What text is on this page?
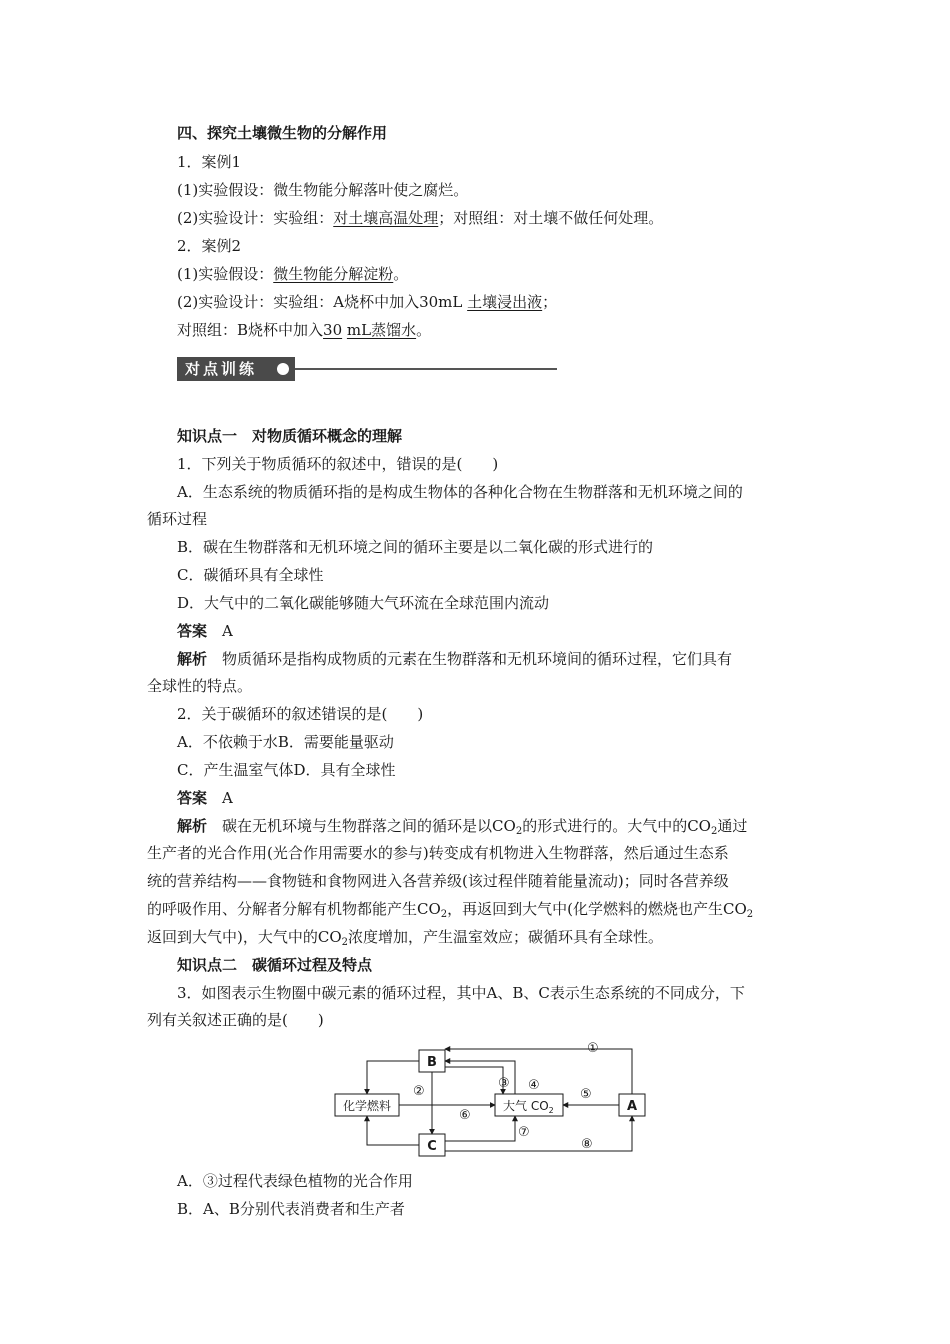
四、探究土壤微生物的分解作用
1．案例1
(1)实验假设：微生物能分解落叶使之腐烂。
(2)实验设计：实验组：对土壤高温处理；对照组：对土壤不做任何处理。
2．案例2
(1)实验假设：微生物能分解淀粉。
(2)实验设计：实验组：A烧杯中加入30mL 土壤浸出液；
对照组：B烧杯中加入30 mL蒸馏水。
对点训练
知识点一　对物质循环概念的理解
1．下列关于物质循环的叙述中，错误的是(　　)
A．生态系统的物质循环指的是构成生物体的各种化合物在生物群落和无机环境之间的
循环过程
B．碳在生物群落和无机环境之间的循环主要是以二氧化碳的形式进行的
C．碳循环具有全球性
D．大气中的二氧化碳能够随大气环流在全球范围内流动
答案　 A
解析　 物质循环是指构成物质的元素在生物群落和无机环境间的循环过程，它们具有
全球性的特点。
2．关于碳循环的叙述错误的是(　　)
A．不依赖于水B．需要能量驱动
C．产生温室气体D．具有全球性
答案　 A
解析　 碳在无机环境与生物群落之间的循环是以$CO_2$的形式进行的。大气中的$CO_2$通过
生产者的光合作用(光合作用需要水的参与)转变成有机物进入生物群落，然后通过生态系
统的营养结构——食物链和食物网进入各营养级(该过程伴随着能量流动)；同时各营养级
的呼吸作用、分解者分解有机物都能产生$CO_2$，再返回到大气中(化学燃料的燃烧也产生$CO_2$
返回到大气中)，大气中的$CO_2$浓度增加，产生温室效应；碳循环具有全球性。
知识点二　碳循环过程及特点
3．如图表示生物圈中碳元素的循环过程，其中A、B、C表示生态系统的不同成分，下
列有关叙述正确的是(　　)
化学燃料
B
C
A
大气 $CO_2$
①
②
③ ④
⑤
⑥
⑦
⑧
A．③过程代表绿色植物的光合作用
B．A、B分别代表消费者和生产者
